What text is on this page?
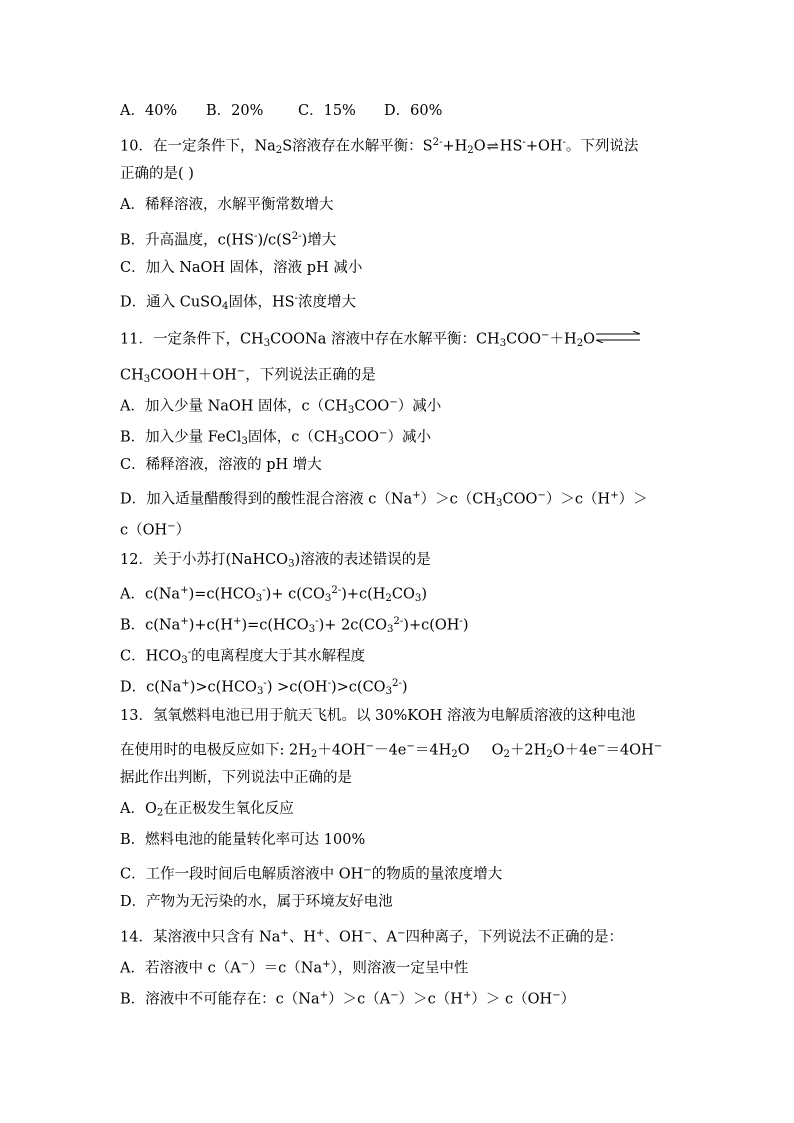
A．40% B．20% C．15% D．60%
10．在一定条件下，$Na_2S$溶液存在水解平衡：$S^{2-}+H_2O\rightleftharpoons HS^-+OH^-$。下列说法
正确的是( )
A．稀释溶液，水解平衡常数增大
B．升高温度，$c(HS^-)/c(S^{2-})$增大
C．加入 NaOH 固体，溶液 pH 减小
D．通入 CuSO$_4$固体，HS-浓度增大
11．一定条件下，$CH_3COONa$ 溶液中存在水解平衡：$CH_3COO^-+H_2O\rightleftharpoons$
$CH_3COOH+OH^-$，下列说法正确的是
A．加入少量 NaOH 固体，$c(CH_3COO^-)$减小
B．加入少量 FeCl$_3$固体，$c(CH_3COO^-)$减小
C．稀释溶液，溶液的 pH 增大
D．加入适量醋酸得到的酸性混合溶液 $c(Na^+)>c(CH_3COO^-)>c(H^+)>$
c（OH−）
12．关于小苏打(NaHCO$_3$)溶液的表述错误的是
A．$c(Na^+)=c(HCO_3^-)+ c(CO_3^{2-})+c(H_2CO_3)$
B．$c(Na^+)+c(H^+)=c(HCO_3^-)+ 2c(CO_3^{2-})+c(OH^-)$
C．$HCO_3^-$的电离程度大于其水解程度
D．$c(Na^+)>c(HCO_3^-) >c(OH^-)>c(CO_3^{2-})$
13．氢氧燃料电池已用于航天飞机。以 30%KOH 溶液为电解质溶液的这种电池
在使用时的电极反应如下: $2H_2+4OH^--4e^-=4H_2O$ $O_2+2H_2O+4e^-=4OH^-$
据此作出判断，下列说法中正确的是
A．$O_2$在正极发生氧化反应
B．燃料电池的能量转化率可达 100%
C．工作一段时间后电解质溶液中 OH−的物质的量浓度增大
D．产物为无污染的水，属于环境友好电池
14．某溶液中只含有 Na+、H+、OH−、A−四种离子，下列说法不正确的是：
A．若溶液中 c（A−）＝c（Na+），则溶液一定呈中性
B．溶液中不可能存在：c（Na+）＞c（A−）＞c（H+）＞ c（OH−）
